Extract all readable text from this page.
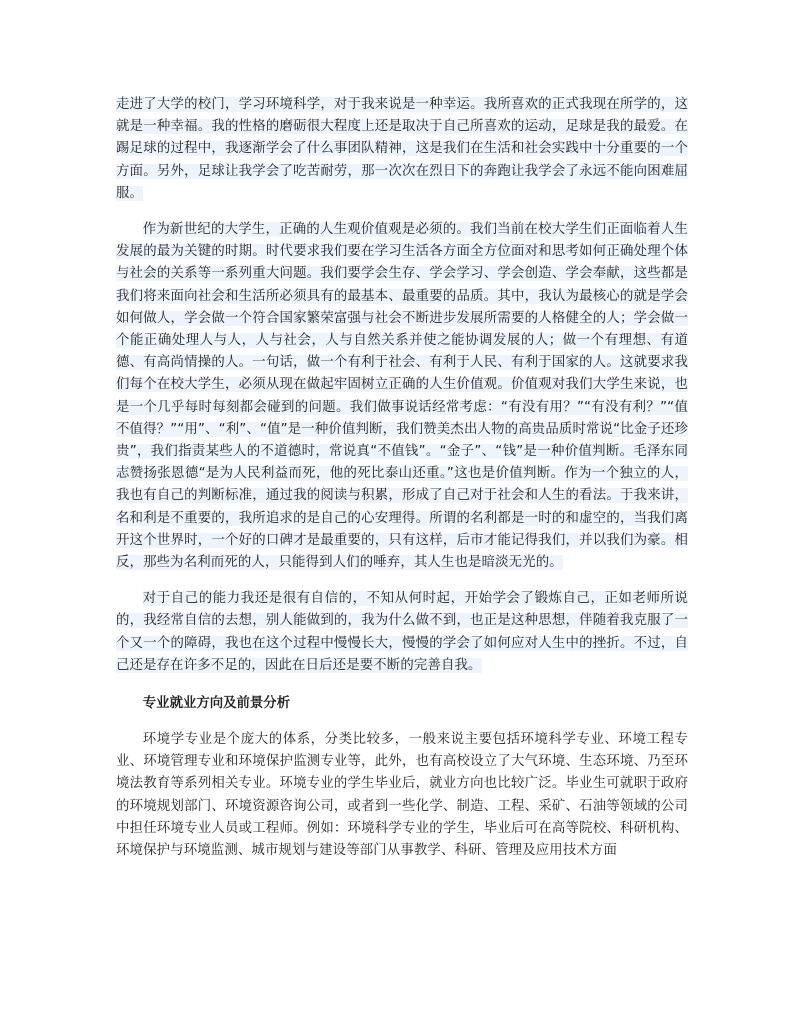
走进了大学的校门，学习环境科学，对于我来说是一种幸运。我所喜欢的正式我现在所学的，这就是一种幸福。我的性格的磨砺很大程度上还是取决于自己所喜欢的运动，足球是我的最爱。在踢足球的过程中，我逐渐学会了什么事团队精神，这是我们在生活和社会实践中十分重要的一个方面。另外，足球让我学会了吃苦耐劳，那一次次在烈日下的奔跑让我学会了永远不能向困难屈服。

作为新世纪的大学生，正确的人生观价值观是必须的。我们当前在校大学生们正面临着人生发展的最为关键的时期。时代要求我们要在学习生活各方面全方位面对和思考如何正确处理个体与社会的关系等一系列重大问题。我们要学会生存、学会学习、学会创造、学会奉献，这些都是我们将来面向社会和生活所必须具有的最基本、最重要的品质。其中，我认为最核心的就是学会如何做人，学会做一个符合国家繁荣富强与社会不断进步发展所需要的人格健全的人；学会做一个能正确处理人与人，人与社会，人与自然关系并使之能协调发展的人；做一个有理想、有道德、有高尚情操的人。一句话，做一个有利于社会、有利于人民、有利于国家的人。这就要求我们每个在校大学生，必须从现在做起牢固树立正确的人生价值观。价值观对我们大学生来说，也是一个几乎每时每刻都会碰到的问题。我们做事说话经常考虑：“有没有用？”“有没有利？”“值不值得？”“用”、“利”、“值”是一种价值判断，我们赞美杰出人物的高贵品质时常说“比金子还珍贵”，我们指责某些人的不道德时，常说真“不值钱”。“金子”、“钱”是一种价值判断。毛泽东同志赞扬张恩德“是为人民利益而死，他的死比泰山还重。”这也是价值判断。作为一个独立的人，我也有自己的判断标准，通过我的阅读与积累，形成了自己对于社会和人生的看法。于我来讲，名和利是不重要的，我所追求的是自己的心安理得。所谓的名利都是一时的和虚空的，当我们离开这个世界时，一个好的口碑才是最重要的，只有这样，后市才能记得我们，并以我们为豪。相反，那些为名利而死的人，只能得到人们的唾弃，其人生也是暗淡无光的。

对于自己的能力我还是很有自信的，不知从何时起，开始学会了锻炼自己，正如老师所说的，我经常自信的去想，别人能做到的，我为什么做不到，也正是这种思想，伴随着我克服了一个又一个的障碍，我也在这个过程中慢慢长大，慢慢的学会了如何应对人生中的挫折。不过，自己还是存在许多不足的，因此在日后还是要不断的完善自我。

专业就业方向及前景分析

环境学专业是个庞大的体系，分类比较多，一般来说主要包括环境科学专业、环境工程专业、环境管理专业和环境保护监测专业等，此外，也有高校设立了大气环境、生态环境、乃至环境法教育等系列相关专业。环境专业的学生毕业后，就业方向也比较广泛。毕业生可就职于政府的环境规划部门、环境资源咨询公司，或者到一些化学、制造、工程、采矿、石油等领域的公司中担任环境专业人员或工程师。例如：环境科学专业的学生，毕业后可在高等院校、科研机构、环境保护与环境监测、城市规划与建设等部门从事教学、科研、管理及应用技术方面
